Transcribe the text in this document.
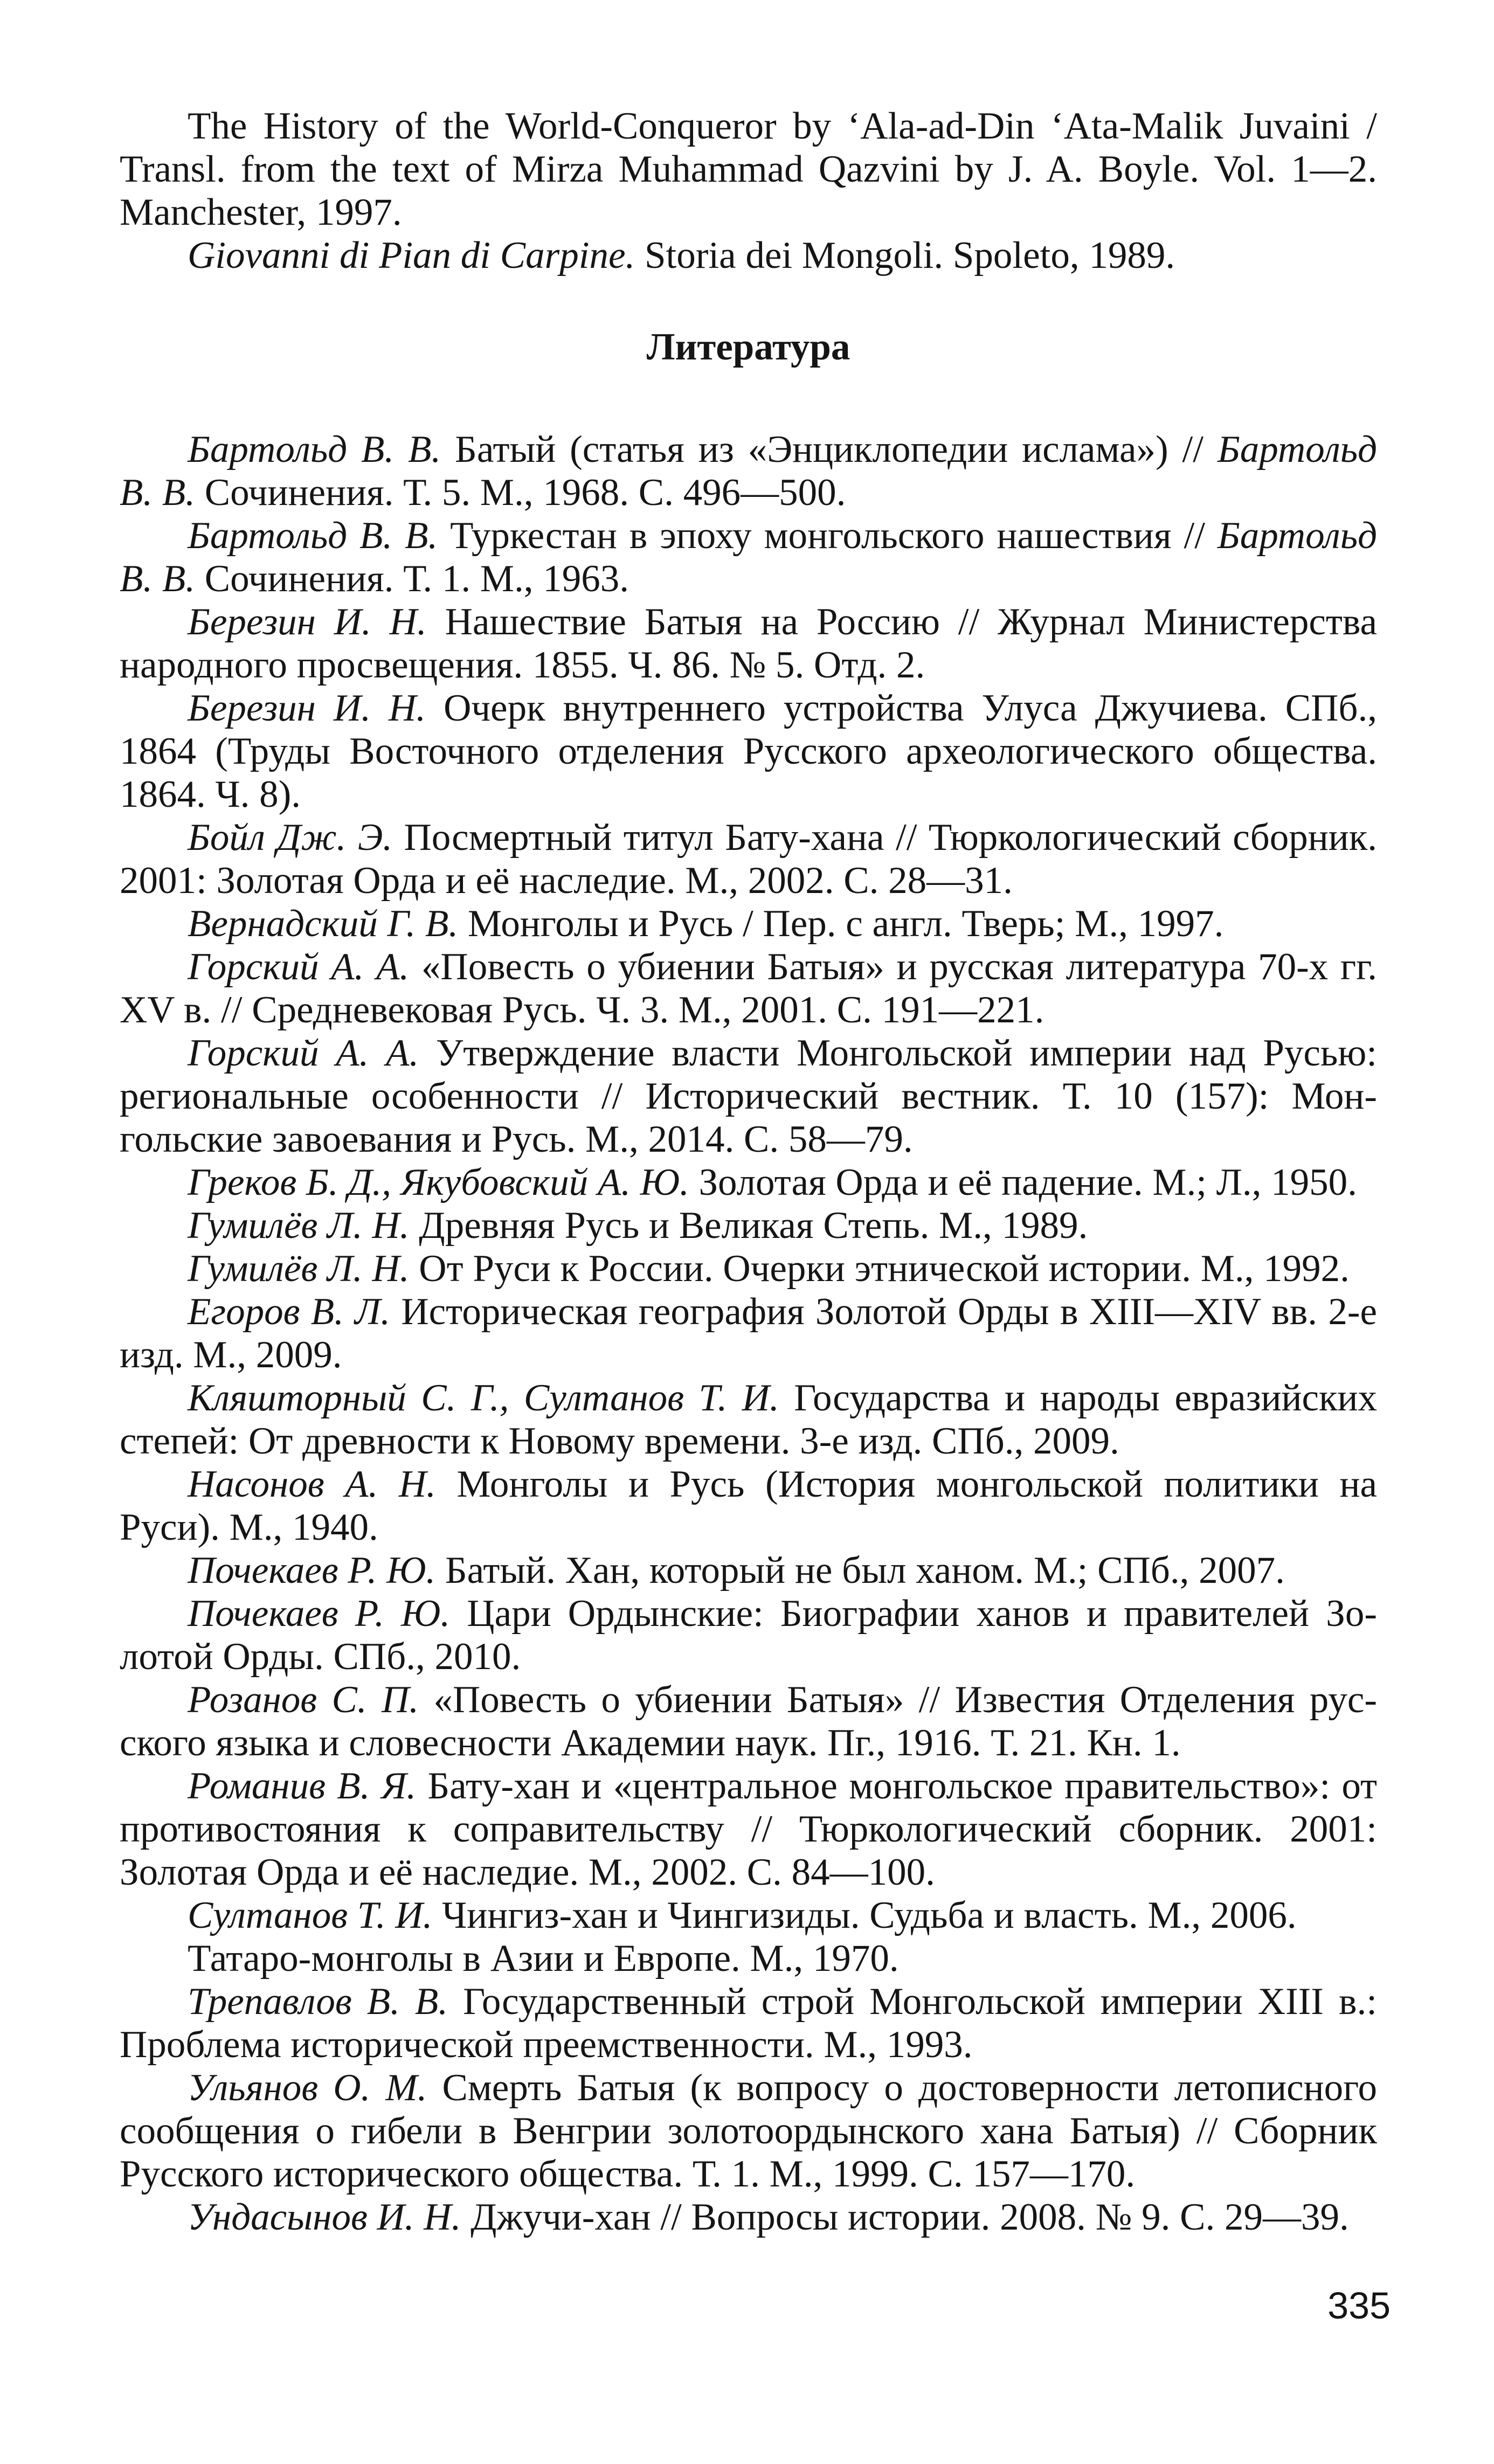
The History of the World-Conqueror by ‘Ala-ad-Din ‘Ata-Malik Juvaini / Transl. from the text of Mirza Muhammad Qazvini by J. A. Boyle. Vol. 1—2. Manchester, 1997.

Giovanni di Pian di Carpine. Storia dei Mongoli. Spoleto, 1989.

Литература

Бартольд В. В. Батый (статья из «Энциклопедии ислама») // Бартольд В. В. Сочинения. Т. 5. М., 1968. С. 496—500.

Бартольд В. В. Туркестан в эпоху монгольского нашествия // Бартольд В. В. Сочинения. Т. 1. М., 1963.

Березин И. Н. Нашествие Батыя на Россию // Журнал Министерства народного просвещения. 1855. Ч. 86. № 5. Отд. 2.

Березин И. Н. Очерк внутреннего устройства Улуса Джучиева. СПб., 1864 (Труды Восточного отделения Русского археологического общества. 1864. Ч. 8).

Бойл Дж. Э. Посмертный титул Бату-хана // Тюркологический сборник. 2001: Золотая Орда и её наследие. М., 2002. С. 28—31.

Вернадский Г. В. Монголы и Русь / Пер. с англ. Тверь; М., 1997.

Горский А. А. «Повесть о убиении Батыя» и русская литература 70-х гг. XV в. // Средневековая Русь. Ч. 3. М., 2001. С. 191—221.

Горский А. А. Утверждение власти Монгольской империи над Русью: региональные особенности // Исторический вестник. Т. 10 (157): Монгольские завоевания и Русь. М., 2014. С. 58—79.

Греков Б. Д., Якубовский А. Ю. Золотая Орда и её падение. М.; Л., 1950.

Гумилёв Л. Н. Древняя Русь и Великая Степь. М., 1989.

Гумилёв Л. Н. От Руси к России. Очерки этнической истории. М., 1992.

Егоров В. Л. Историческая география Золотой Орды в XIII—XIV вв. 2-е изд. М., 2009.

Кляшторный С. Г., Султанов Т. И. Государства и народы евразийских степей: От древности к Новому времени. 3-е изд. СПб., 2009.

Насонов А. Н. Монголы и Русь (История монгольской политики на Руси). М., 1940.

Почекаев Р. Ю. Батый. Хан, который не был ханом. М.; СПб., 2007.

Почекаев Р. Ю. Цари Ордынские: Биографии ханов и правителей Золотой Орды. СПб., 2010.

Розанов С. П. «Повесть о убиении Батыя» // Известия Отделения русского языка и словесности Академии наук. Пг., 1916. Т. 21. Кн. 1.

Романив В. Я. Бату-хан и «центральное монгольское правительство»: от противостояния к соправительству // Тюркологический сборник. 2001: Золотая Орда и её наследие. М., 2002. С. 84—100.

Султанов Т. И. Чингиз-хан и Чингизиды. Судьба и власть. М., 2006.

Татаро-монголы в Азии и Европе. М., 1970.

Трепавлов В. В. Государственный строй Монгольской империи XIII в.: Проблема исторической преемственности. М., 1993.

Ульянов О. М. Смерть Батыя (к вопросу о достоверности летописного сообщения о гибели в Венгрии золотоордынского хана Батыя) // Сборник Русского исторического общества. Т. 1. М., 1999. С. 157—170.

Ундасынов И. Н. Джучи-хан // Вопросы истории. 2008. № 9. С. 29—39.

335
